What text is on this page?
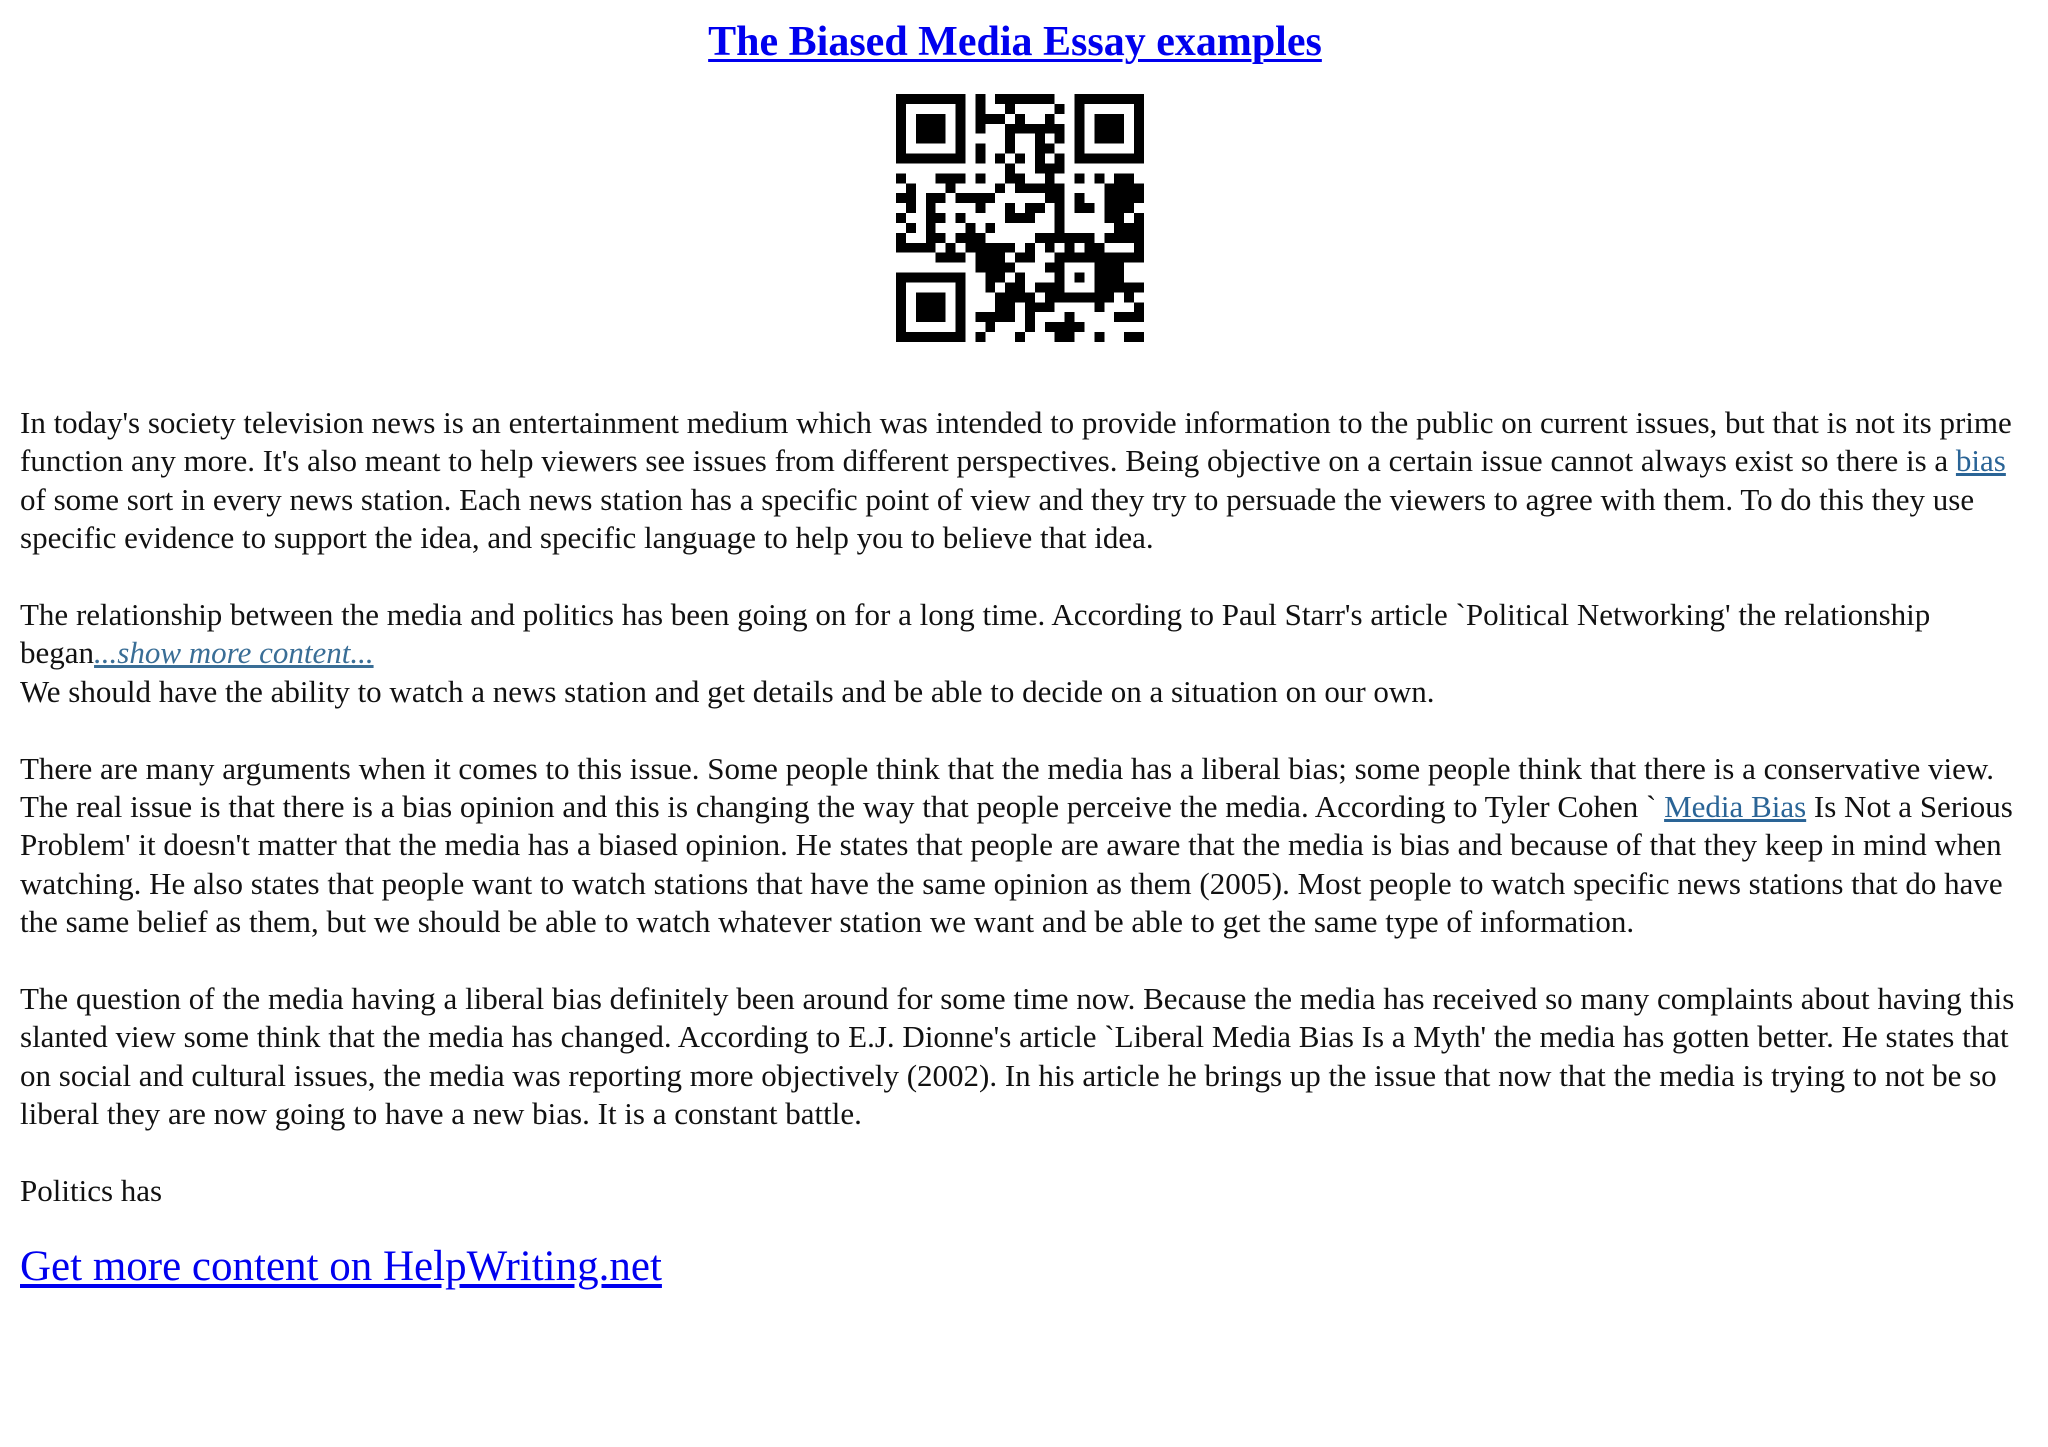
The Biased Media Essay examples

In today's society television news is an entertainment medium which was intended to provide information to the public on current issues, but that is not its prime function any more. It's also meant to help viewers see issues from different perspectives. Being objective on a certain issue cannot always exist so there is a bias of some sort in every news station. Each news station has a specific point of view and they try to persuade the viewers to agree with them. To do this they use specific evidence to support the idea, and specific language to help you to believe that idea.

The relationship between the media and politics has been going on for a long time. According to Paul Starr's article `Political Networking' the relationship began...show more content...

We should have the ability to watch a news station and get details and be able to decide on a situation on our own.

There are many arguments when it comes to this issue. Some people think that the media has a liberal bias; some people think that there is a conservative view. The real issue is that there is a bias opinion and this is changing the way that people perceive the media. According to Tyler Cohen ` Media Bias Is Not a Serious Problem' it doesn't matter that the media has a biased opinion. He states that people are aware that the media is bias and because of that they keep in mind when watching. He also states that people want to watch stations that have the same opinion as them (2005). Most people to watch specific news stations that do have the same belief as them, but we should be able to watch whatever station we want and be able to get the same type of information.

The question of the media having a liberal bias definitely been around for some time now. Because the media has received so many complaints about having this slanted view some think that the media has changed. According to E.J. Dionne's article `Liberal Media Bias Is a Myth' the media has gotten better. He states that on social and cultural issues, the media was reporting more objectively (2002). In his article he brings up the issue that now that the media is trying to not be so liberal they are now going to have a new bias. It is a constant battle.

Politics has

Get more content on HelpWriting.net
